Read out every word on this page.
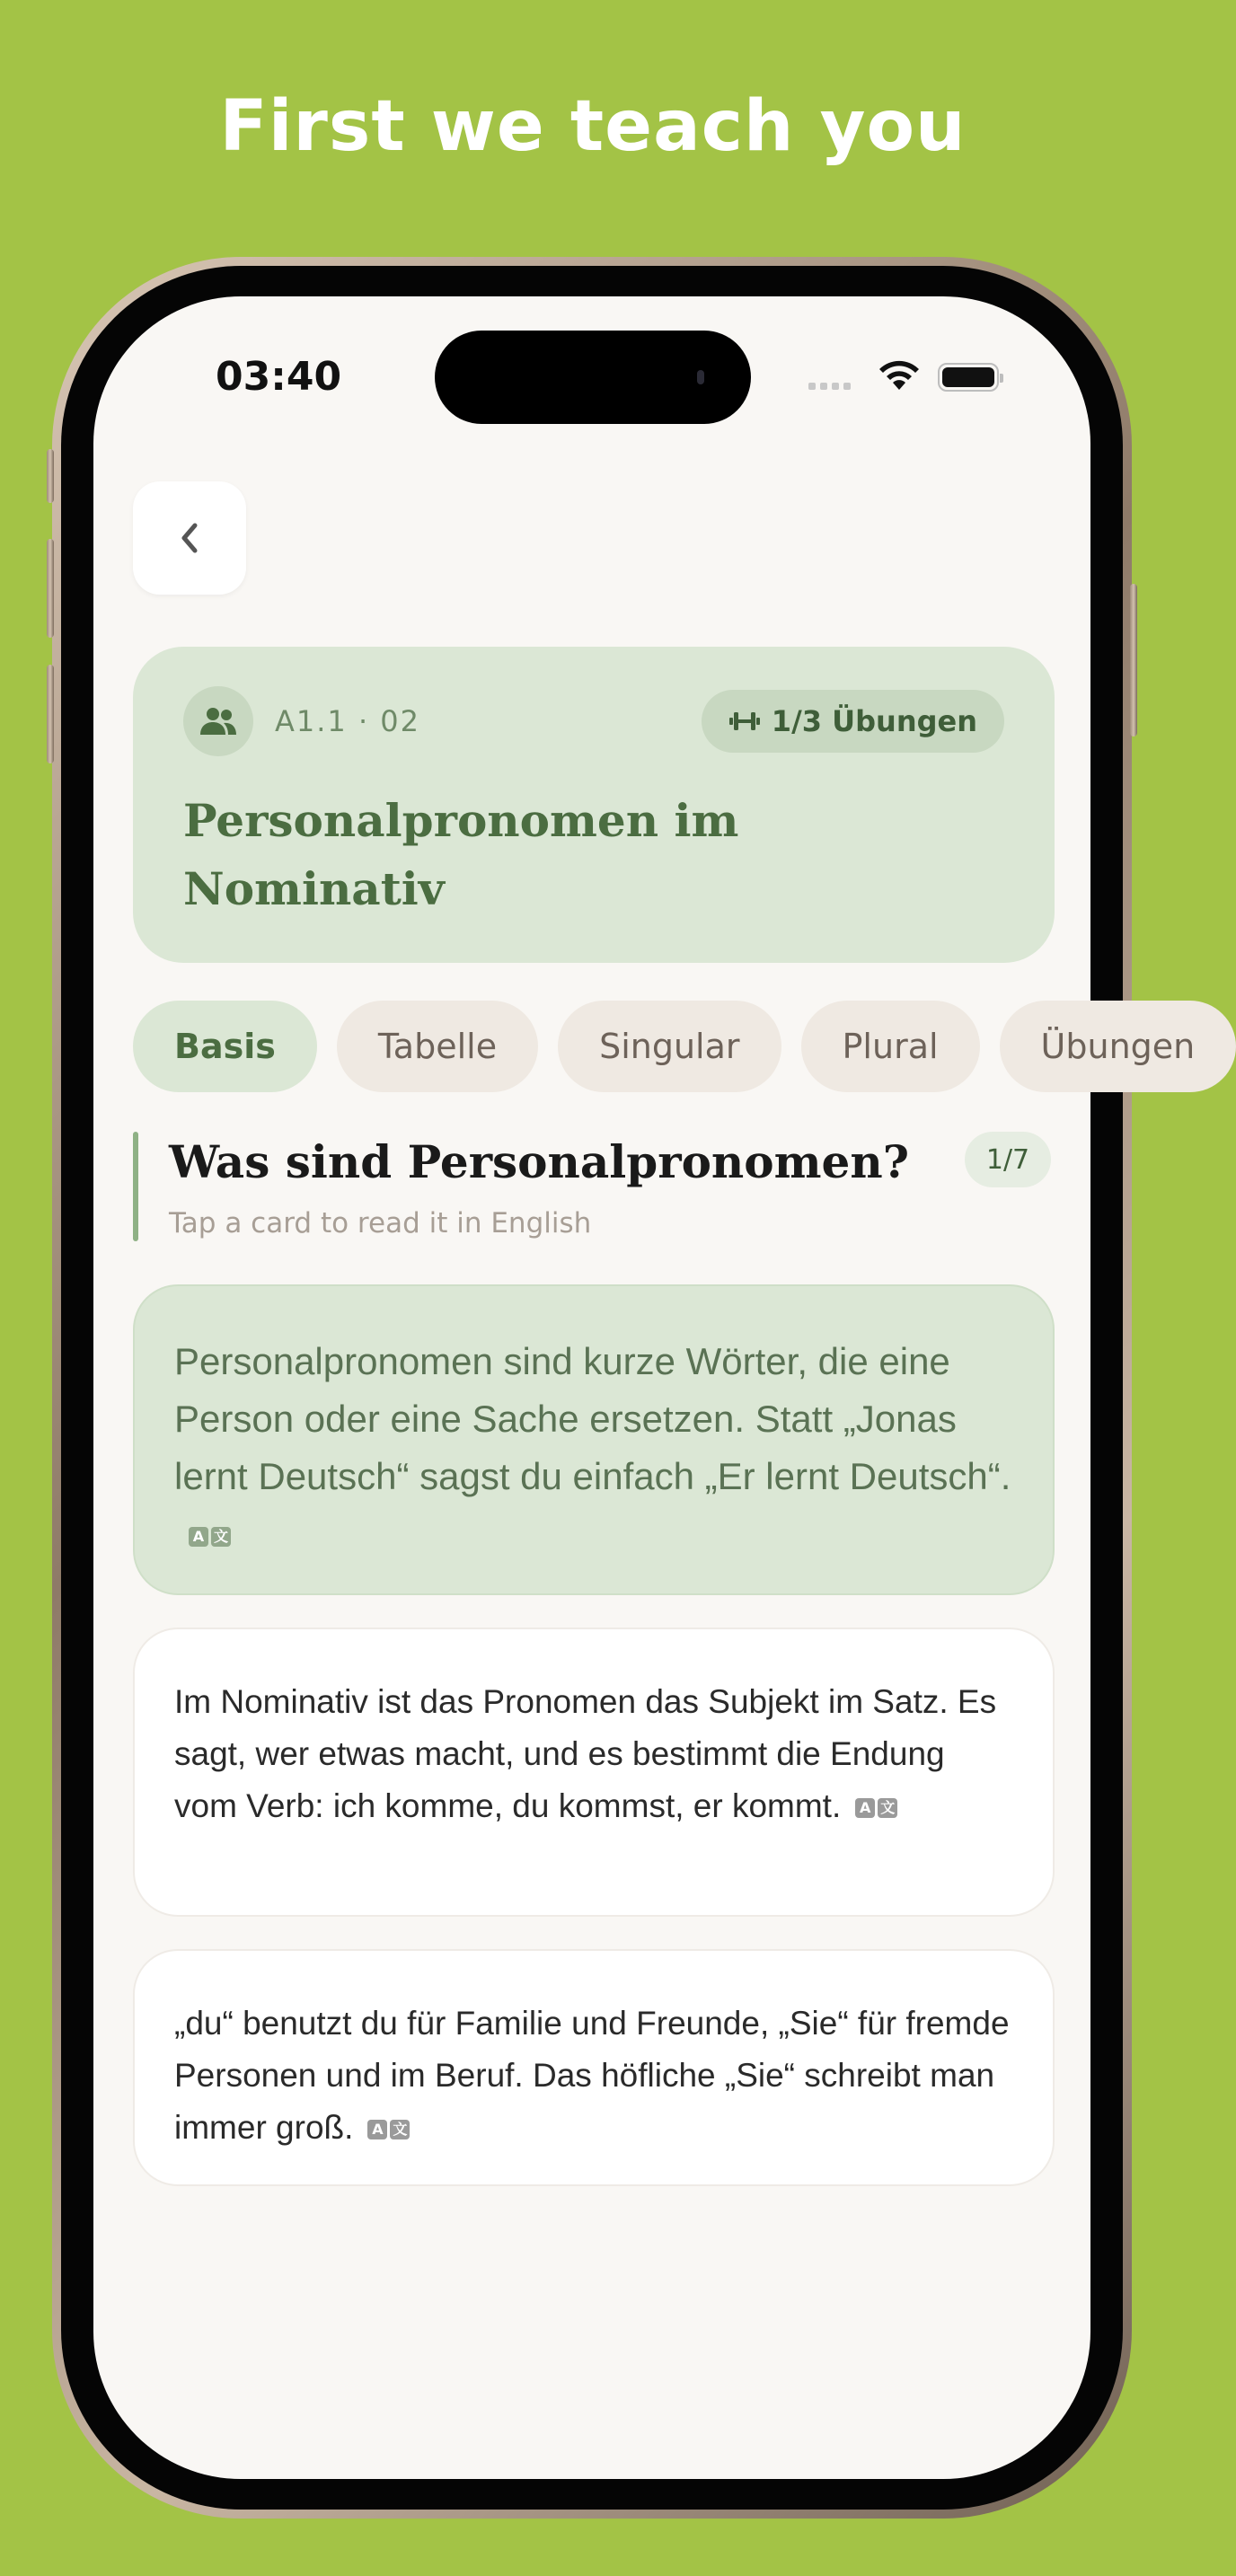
First we teach you
03:40
A1.1 · 02	1/3 Übungen
Personalpronomen im Nominativ
Basis	Tabelle	Singular	Plural	Übungen
Was sind Personalpronomen?
Tap a card to read it in English
1/7
Personalpronomen sind kurze Wörter, die eine Person oder eine Sache ersetzen. Statt „Jonas lernt Deutsch“ sagst du einfach „Er lernt Deutsch“.
A 文
Im Nominativ ist das Pronomen das Subjekt im Satz. Es sagt, wer etwas macht, und es bestimmt die Endung vom Verb: ich komme, du kommst, er kommt. A 文
„du“ benutzt du für Familie und Freunde, „Sie“ für fremde Personen und im Beruf. Das höfliche „Sie“ schreibt man immer groß. A 文
